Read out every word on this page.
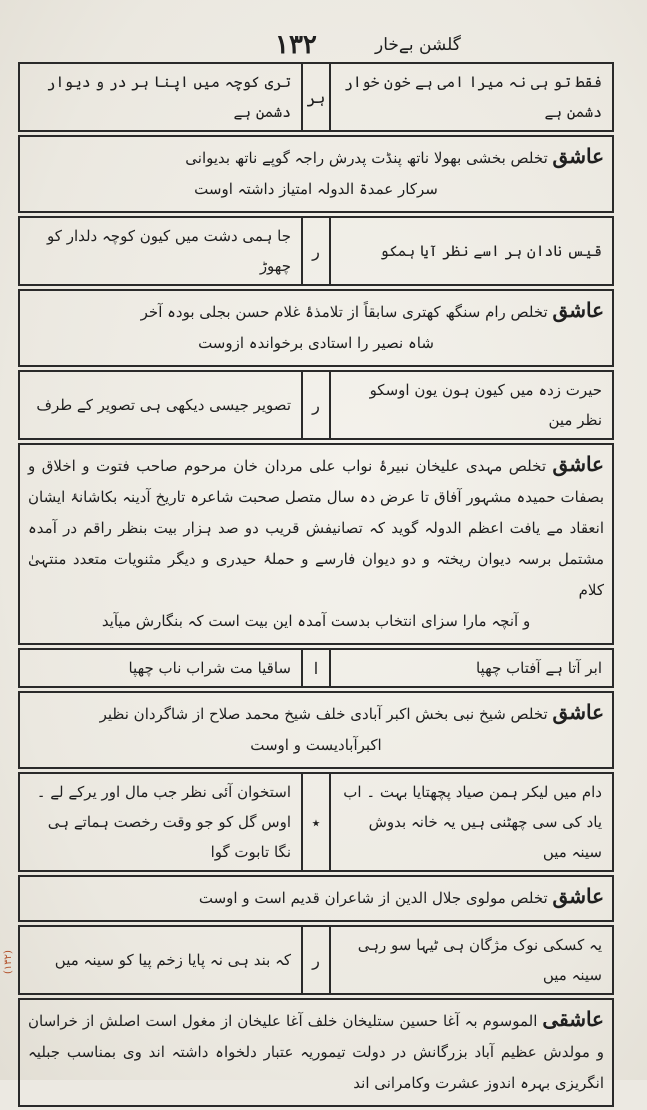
١٣٢	گلشن بےخار
(١٣٢)
فقط تو ہی نہ میرا امی ہے خون خوار دشمن ہے
ہر
تری کوچہ میں اپنا ہر در و دیوار دشمن ہے
عاشق تخلص بخشی بھولا ناتھ پنڈت پدرش راجہ گوپے ناتھ بدیوانی
سرکار عمدۃ الدولہ امتیاز داشتہ اوست
قیس نادان ہر اسے نظر آیا ہمکو
ر
جا ہمی دشت میں کیون کوچہ دلدار کو چھوڑ
عاشق تخلص رام سنگھ کھتری سابقاً از تلامذۂ غلام حسن بجلی بودہ آخر
شاہ نصیر را استادی برخواندہ ازوست
حیرت زدہ میں کیون ہون یون اوسکو نظر مین
ر
تصویر جیسی دیکھی ہی تصویر کے طرف
عاشق تخلص مہدی علیخان نبیرۂ نواب علی مردان خان مرحوم صاحب فتوت و اخلاق و بصفات حمیدہ مشہور آفاق تا عرض دہ سال متصل صحبت شاعرہ تاریخ آدینہ بکاشانۂ ایشان انعقاد مے یافت اعظم الدولہ گوید کہ تصانیفش قریب دو صد ہزار بیت بنظر راقم در آمدہ مشتمل برسہ دیوان ریختہ و دو دیوان فارسے و حملۂ حیدری و دیگر مثنویات متعدد منتہیٰ کلام
و آنچہ مارا سزای انتخاب بدست آمدہ این بیت است کہ بنگارش میآید
ابر آتا ہے آفتاب چھپا
ا
ساقیا مت شراب ناب چھپا
عاشق تخلص شیخ نبی بخش اکبر آبادی خلف شیخ محمد صلاح از شاگردان نظیر
اکبرآبادیست و اوست
دام میں لیکر ہمن صیاد پچھتایا بہت ۔ اب یاد کی سی چھٹنی ہیں یہ خانہ بدوش سینہ میں
٭
استخوان آئی نظر جب مال اور یرکے لے ۔ اوس گل کو جو وقت رخصت ہماتے ہی نگا تابوت گوا
عاشق تخلص مولوی جلال الدین از شاعران قدیم است و اوست
یہ کسکی نوک مژگان ہی ٹیہا سو رہی سینہ میں
ر
کہ بند ہی نہ پایا زخم پیا کو سینہ میں
عاشقی الموسوم بہ آغا حسین ستلیخان خلف آغا علیخان از مغول است اصلش از خراسان و مولدش عظیم آباد بزرگانش در دولت تیموریہ عتبار دلخواہ داشتہ اند وی بمناسب جبلیہ انگریزی بہرہ اندوز عشرت وکامرانی اند
